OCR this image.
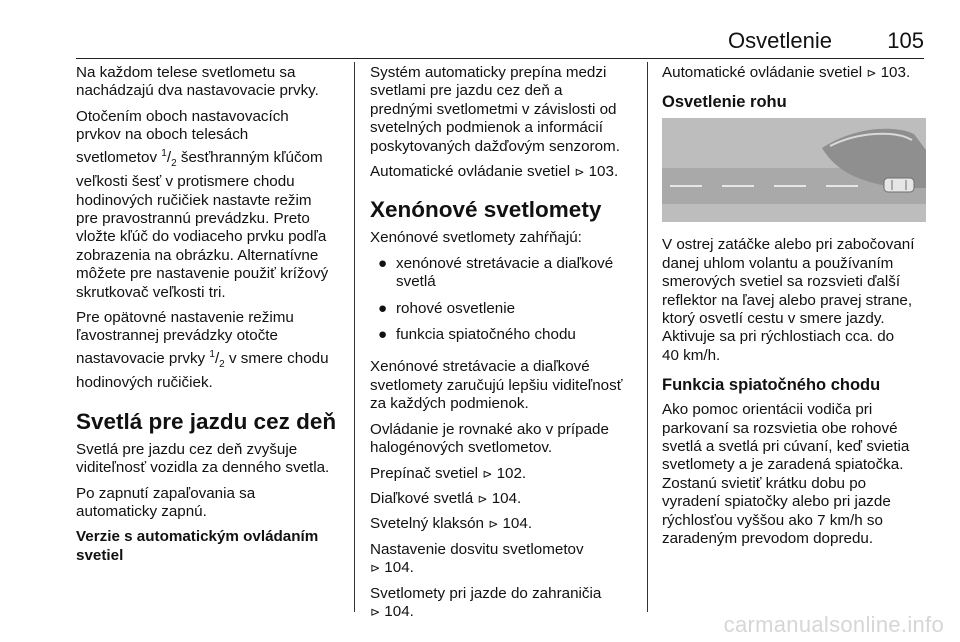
Osvetlenie	105

Na každom telese svetlometu sa
nachádzajú dva nastavovacie prvky.

Otočením oboch nastavovacích
prvkov na oboch telesách
svetlometov $^1/_2$ šesťhranným kľúčom
veľkosti šesť v protismere chodu
hodinových ručičiek nastavte režim
pre pravostrannú prevádzku. Preto
vložte kľúč do vodiaceho prvku podľa
zobrazenia na obrázku. Alternatívne
môžete pre nastavenie použiť krížový
skrutkovač veľkosti tri.

Pre opätovné nastavenie režimu
ľavostrannej prevádzky otočte
nastavovacie prvky $^1/_2$ v smere chodu
hodinových ručičiek.

Svetlá pre jazdu cez deň

Svetlá pre jazdu cez deň zvyšuje
viditeľnosť vozidla za denného svetla.

Po zapnutí zapaľovania sa
automaticky zapnú.

Verzie s automatickým ovládaním
svetiel

Systém automaticky prepína medzi
svetlami pre jazdu cez deň a
prednými svetlometmi v závislosti od
svetelných podmienok a informácií
poskytovaných dažďovým senzorom.

Automatické ovládanie svetiel ⊳ 103.

Xenónové svetlomety

Xenónové svetlomety zahŕňajú:

● xenónové stretávacie a diaľkové
svetlá
● rohové osvetlenie
● funkcia spiatočného chodu

Xenónové stretávacie a diaľkové
svetlomety zaručujú lepšiu viditeľnosť
za každých podmienok.

Ovládanie je rovnaké ako v prípade
halogénových svetlometov.

Prepínač svetiel ⊳ 102.

Diaľkové svetlá ⊳ 104.

Svetelný klaksón ⊳ 104.

Nastavenie dosvitu svetlometov
⊳ 104.

Svetlomety pri jazde do zahraničia
⊳ 104.

Automatické ovládanie svetiel ⊳ 103.

Osvetlenie rohu

V ostrej zatáčke alebo pri zabočovaní
danej uhlom volantu a používaním
smerových svetiel sa rozsvieti ďalší
reflektor na ľavej alebo pravej strane,
ktorý osvetlí cestu v smere jazdy.
Aktivuje sa pri rýchlostiach cca. do
40 km/h.

Funkcia spiatočného chodu

Ako pomoc orientácii vodiča pri
parkovaní sa rozsvietia obe rohové
svetlá a svetlá pri cúvaní, keď svietia
svetlomety a je zaradená spiatočka.
Zostanú svietiť krátku dobu po
vyradení spiatočky alebo pri jazde
rýchlosťou vyššou ako 7 km/h so
zaradeným prevodom dopredu.

carmanualsonline.info
